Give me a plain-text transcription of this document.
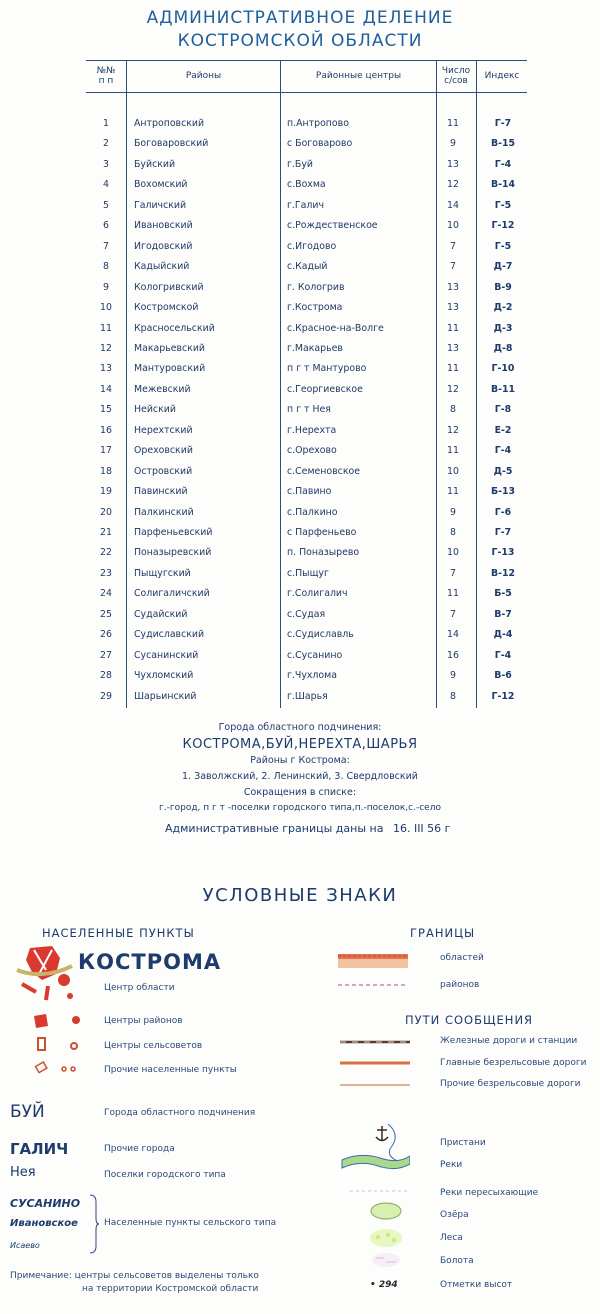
АДМИНИСТРАТИВНОЕ ДЕЛЕНИЕ
КОСТРОМСКОЙ ОБЛАСТИ
№№
п п	Районы	Районные центры	Число
с/сов	Индекс
1	Антроповский	п.Антропово	11	Г-7
2	Боговаровский	с Боговарово	9	В-15
3	Буйский	г.Буй	13	Г-4
4	Вохомский	с.Вохма	12	В-14
5	Галичский	г.Галич	14	Г-5
6	Ивановский	с.Рождественское	10	Г-12
7	Игодовский	с.Игодово	7	Г-5
8	Кадыйский	с.Кадый	7	Д-7
9	Кологривский	г. Кологрив	13	В-9
10	Костромской	г.Кострома	13	Д-2
11	Красносельский	с.Красное-на-Волге	11	Д-3
12	Макарьевский	г.Макарьев	13	Д-8
13	Мантуровский	п г т Мантурово	11	Г-10
14	Межевский	с.Георгиевское	12	В-11
15	Нейский	п г т Нея	8	Г-8
16	Нерехтский	г.Нерехта	12	Е-2
17	Ореховский	с.Орехово	11	Г-4
18	Островский	с.Семеновское	10	Д-5
19	Павинский	с.Павино	11	Б-13
20	Палкинский	с.Палкино	9	Г-6
21	Парфеньевский	с Парфеньево	8	Г-7
22	Поназыревский	п. Поназырево	10	Г-13
23	Пыщугский	с.Пыщуг	7	В-12
24	Солигаличский	г.Солигалич	11	Б-5
25	Судайский	с.Судая	7	В-7
26	Судиславский	с.Судиславль	14	Д-4
27	Сусанинский	с.Сусанино	16	Г-4
28	Чухломский	г.Чухлома	9	В-6
29	Шарьинский	г.Шарья	8	Г-12
Города областного подчинения:
КОСТРОМА,БУЙ,НЕРЕХТА,ШАРЬЯ
Районы г Кострома:
1. Заволжский, 2. Ленинский, 3. Свердловский
Сокращения в списке:
г.-город, п г т -поселки городского типа,п.-поселок,с.-село
Административные границы даны на 16. III 56 г
УСЛОВНЫЕ ЗНАКИ
НАСЕЛЕННЫЕ ПУНКТЫ
КОСТРОМА
Центр области
Центры районов
Центры сельсоветов
Прочие населенные пункты
БУЙ	Города областного подчинения
ГАЛИЧ	Прочие города
Нея	Поселки городского типа
СУСАНИНО
Ивановское
Исаево
Населенные пункты сельского типа
Примечание: центры сельсоветов выделены только
на территории Костромской области
ГРАНИЦЫ
областей
районов
ПУТИ СООБЩЕНИЯ
Железные дороги и станции
Главные безрельсовые дороги
Прочие безрельсовые дороги
Пристани
Реки
Реки пересыхающие
Озёра
Леса
Болота
• 294	Отметки высот
